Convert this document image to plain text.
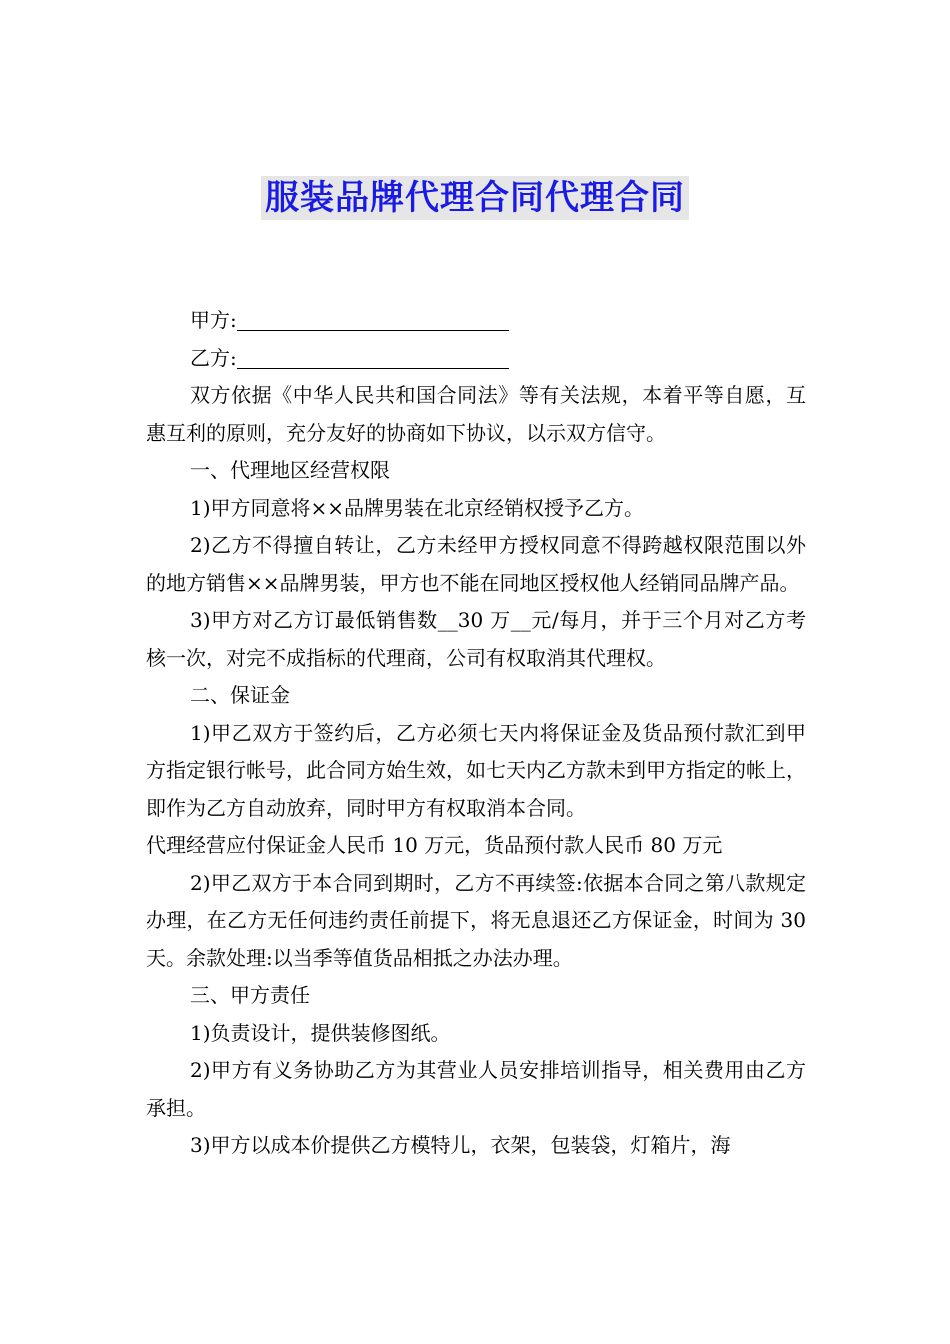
服装品牌代理合同代理合同

甲方:

乙方:

双方依据《中华人民共和国合同法》等有关法规，本着平等自愿，互惠互利的原则，充分友好的协商如下协议，以示双方信守。

一、代理地区经营权限

1)甲方同意将××品牌男装在北京经销权授予乙方。

2)乙方不得擅自转让，乙方未经甲方授权同意不得跨越权限范围以外的地方销售××品牌男装，甲方也不能在同地区授权他人经销同品牌产品。

3)甲方对乙方订最低销售数__30 万__元/每月，并于三个月对乙方考核一次，对完不成指标的代理商，公司有权取消其代理权。

二、保证金

1)甲乙双方于签约后，乙方必须七天内将保证金及货品预付款汇到甲方指定银行帐号，此合同方始生效，如七天内乙方款未到甲方指定的帐上，即作为乙方自动放弃，同时甲方有权取消本合同。

代理经营应付保证金人民币 10 万元，货品预付款人民币 80 万元

2)甲乙双方于本合同到期时，乙方不再续签:依据本合同之第八款规定办理，在乙方无任何违约责任前提下，将无息退还乙方保证金，时间为 30 天。余款处理:以当季等值货品相抵之办法办理。

三、甲方责任

1)负责设计，提供装修图纸。

2)甲方有义务协助乙方为其营业人员安排培训指导，相关费用由乙方承担。

3)甲方以成本价提供乙方模特儿，衣架，包装袋，灯箱片，海
